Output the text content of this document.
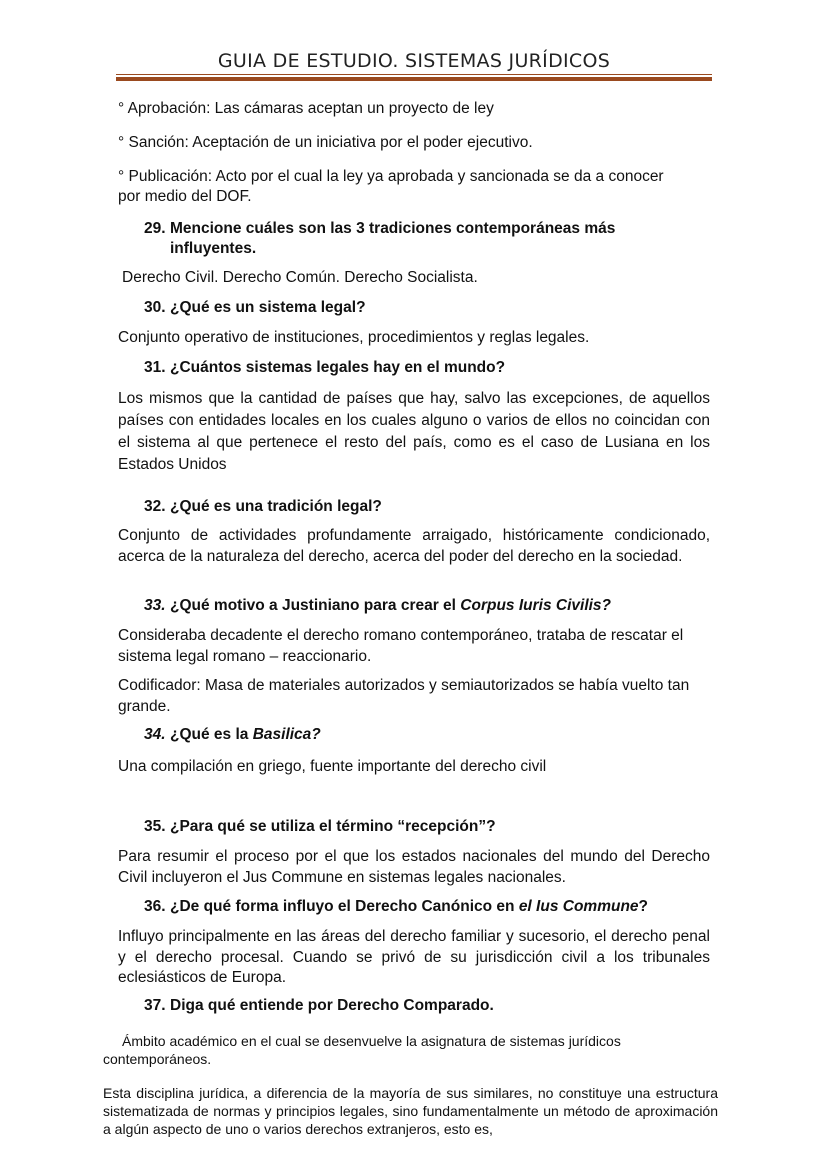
GUIA DE ESTUDIO. SISTEMAS JURÍDICOS
° Aprobación: Las cámaras aceptan un proyecto de ley
° Sanción: Aceptación de un iniciativa por el poder ejecutivo.
° Publicación: Acto por el cual la ley ya aprobada y sancionada se da a conocer
por medio del DOF.
29. Mencione cuáles son las 3 tradiciones contemporáneas más
influyentes.
Derecho Civil. Derecho Común. Derecho Socialista.
30. ¿Qué es un sistema legal?
Conjunto operativo de instituciones, procedimientos y reglas legales.
31. ¿Cuántos sistemas legales hay en el mundo?
Los mismos que la cantidad de países que hay, salvo las excepciones, de aquellos países con entidades locales en los cuales alguno o varios de ellos no coincidan con el sistema al que pertenece el resto del país, como es el caso de Lusiana en los Estados Unidos
32. ¿Qué es una tradición legal?
Conjunto de actividades profundamente arraigado, históricamente condicionado, acerca de la naturaleza del derecho, acerca del poder del derecho en la sociedad.
33. ¿Qué motivo a Justiniano para crear el Corpus Iuris Civilis?
Consideraba decadente el derecho romano contemporáneo, trataba de rescatar el sistema legal romano – reaccionario.
Codificador: Masa de materiales autorizados y semiautorizados se había vuelto tan grande.
34. ¿Qué es la Basilica?
Una compilación en griego, fuente importante del derecho civil
35. ¿Para qué se utiliza el término “recepción”?
Para resumir el proceso por el que los estados nacionales del mundo del Derecho Civil incluyeron el Jus Commune en sistemas legales nacionales.
36. ¿De qué forma influyo el Derecho Canónico en el Ius Commune?
Influyo principalmente en las áreas del derecho familiar y sucesorio, el derecho penal y el derecho procesal. Cuando se privó de su jurisdicción civil a los tribunales eclesiásticos de Europa.
37. Diga qué entiende por Derecho Comparado.
Ámbito académico en el cual se desenvuelve la asignatura de sistemas jurídicos
contemporáneos.
Esta disciplina jurídica, a diferencia de la mayoría de sus similares, no constituye una estructura sistematizada de normas y principios legales, sino fundamentalmente un método de aproximación a algún aspecto de uno o varios derechos extranjeros, esto es,
